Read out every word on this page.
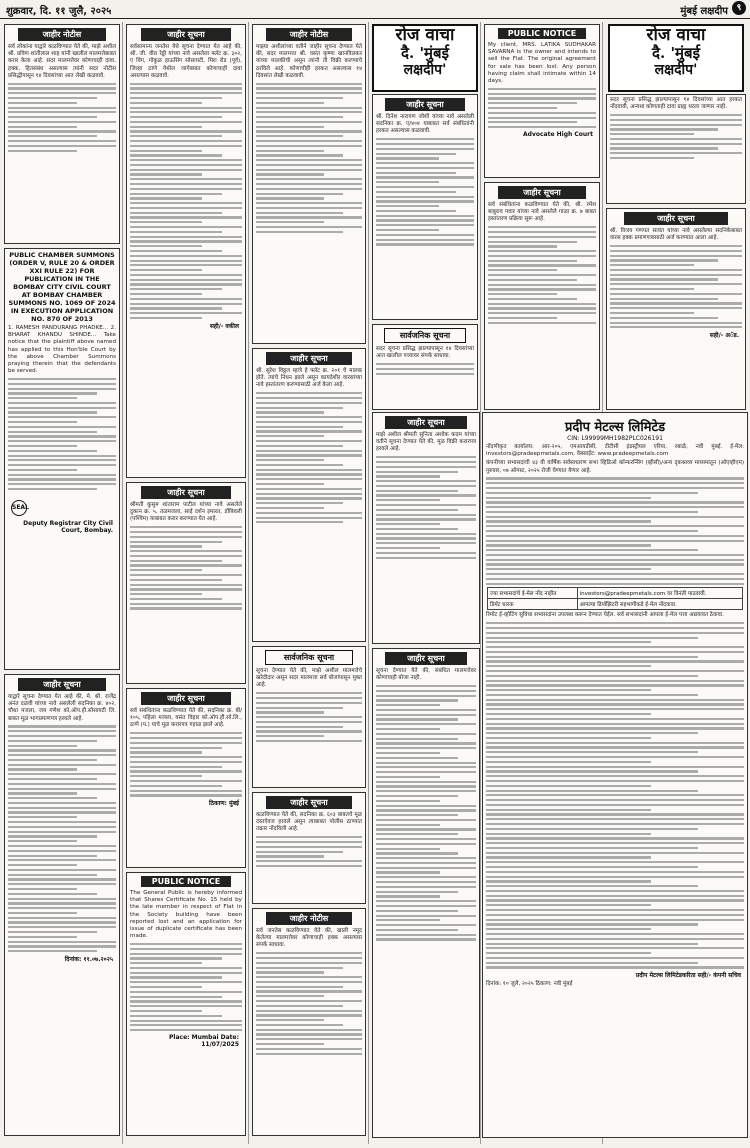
शुक्रवार, दि. ११ जुलै, २०२५	मुंबई लक्षदीप ९
जाहीर नोटीस
सर्व लोकांना याद्वारे कळविण्यात येते की, माझे अशील श्री. प्रविण शांतीलाल शाह यांनी खालील मालमत्तेबाबत करार केला आहे. सदर मालमत्तेवर कोणाचाही दावा, हक्क, हितसंबंध असल्यास त्यांनी सदर नोटीस प्रसिद्धीपासून १४ दिवसांच्या आत लेखी कळवावे.
PUBLIC CHAMBER SUMMONS (ORDER V, RULE 20 & ORDER XXI RULE 22) FOR PUBLICATION IN THE BOMBAY CITY CIVIL COURT AT BOMBAY CHAMBER SUMMONS NO. 1069 OF 2024 IN EXECUTION APPLICATION NO. 870 OF 2013
1. RAMESH PANDURANG PHADKE... 2. BHARAT KHANDU SHINDE... Take notice that the plaintiff above named has applied to this Hon'ble Court by the above Chamber Summons praying therein that the defendants be served.
SEAL
Deputy Registrar City Civil Court, Bombay.
जाहीर सूचना
याद्वारे सूचना देण्यात येत आहे की, मे. श्री. राजेंद्र अनंत दळवी यांच्या नावे असलेली सदनिका क्र. ४०२, चौथा मजला, जय गणेश को.ऑप.हौ.सोसायटी लि. बाबत मूळ भागप्रमाणपत्र हरवले आहे.
दिनांक: ११.०७.२०२५
जाहीर सूचना
सर्वसामान्य जनतेस येथे सूचना देण्यात येत आहे की, श्री. जी. वीरा रेड्डी यांच्या नावे असलेला फ्लॅट क्र. ३०२, ए विंग, गोकुळ हाऊसिंग सोसायटी, मिरा रोड (पूर्व), जिल्हा ठाणे येथील जागेबाबत कोणाचाही दावा असल्यास कळवावे.
सही/- वकील
जाहीर सूचना
श्रीमती कुसुम शांताराम पाटील यांच्या नावे असलेले दुकान क्र. ५, तळमजला, साई दर्शन इमारत, डोंबिवली (पश्चिम) याबाबत करार करण्यात येत आहे.
जाहीर सूचना
सर्व संबंधितांना कळविण्यात येते की, सदनिका क्र. बी/१०५, पहिला मजला, वसंत विहार को.ऑप.हौ.सो.लि., ठाणे (प.) याचे मूळ करारपत्र गहाळ झाले आहे.
ठिकाण: मुंबई
PUBLIC NOTICE
The General Public is hereby informed that Shares Certificate No. 15 held by the late member in respect of Flat in the Society building have been reported lost and an application for issue of duplicate certificate has been made.
Place: Mumbai Date: 11/07/2025
जाहीर नोटीस
माझ्या अशीलांच्या वतीने जाहीर सूचना देण्यात येते की, सदर मालमत्ता श्री. वसंत कृष्णा खानविलकर यांच्या मालकीची असून त्यांनी ती विक्री करण्याचे ठरविले आहे. कोणाचीही हरकत असल्यास १४ दिवसांत लेखी कळवावी.
जाहीर सूचना
श्री. सुरेश विठ्ठल म्हात्रे हे फ्लॅट क्र. २०१ चे मालक होते. त्यांचे निधन झाले असून कायदेशीर वारसांच्या नावे हस्तांतरण करण्यासाठी अर्ज केला आहे.
सार्वजनिक सूचना
सूचना देण्यात येते की, माझे अशील मालमत्तेचे खरेदीदार असून सदर मालमत्ता सर्व बोजांपासून मुक्त आहे.
जाहीर सूचना
कळविण्यात येते की, सदनिका क्र. ६०३ बाबतचे मूळ दस्तऐवज हरवले असून त्याबाबत पोलीस ठाण्यात तक्रार नोंदविली आहे.
जाहीर नोटीस
सर्व जनतेस कळविण्यात येते की, खाली नमूद केलेल्या मालमत्तेवर कोणाचाही हक्क असल्यास संपर्क साधावा.
रोज वाचा
दै. 'मुंबई
लक्षदीप'
जाहीर सूचना
श्री. दिनेश नारायण जोशी यांच्या नावे असलेली सदनिका क्र. ए/४०४ याबाबत सर्व संबंधितांनी हरकत असल्यास कळवावी.
सार्वजनिक सूचना
सदर सूचना प्रसिद्ध झाल्यापासून १४ दिवसांच्या आत खालील पत्त्यावर संपर्क साधावा.
PUBLIC NOTICE
My client, MRS. LATIKA SUDHAKAR SAVARNA is the owner and intends to sell the Flat. The original agreement for sale has been lost. Any person having claim shall intimate within 14 days.
Advocate High Court
जाहीर सूचना
सर्व संबंधितांना कळविण्यात येते की, श्री. रमेश बाबुराव पवार यांच्या नावे असलेले गाळा क्र. ७ बाबत हस्तांतरण प्रक्रिया सुरू आहे.
रोज वाचा
दै. 'मुंबई
लक्षदीप'
सदर सूचना प्रसिद्ध झाल्यापासून १४ दिवसांच्या आत हरकत नोंदवावी, अन्यथा कोणताही दावा ग्राह्य धरला जाणार नाही.
जाहीर सूचना
श्री. विजय गणपत सावंत यांच्या नावे असलेल्या सदनिकेबाबत वारस हक्क प्रमाणपत्रासाठी अर्ज करण्यात आला आहे.
सही/- अॅड.
जाहीर सूचना
माझे अशील श्रीमती सुनिता अशोक कदम यांच्या वतीने सूचना देण्यात येते की, मूळ विक्री करारपत्र हरवले आहे.
जाहीर सूचना
सूचना देण्यात येते की, संबंधित मालमत्तेवर कोणाचाही बोजा नाही.
प्रदीप मेटल्स लिमिटेड
CIN: L99999MH1982PLC026191
नोंदणीकृत कार्यालय: आर-२०५, एमआयडीसी, टीटीसी इंडस्ट्रीयल एरिया, रबाळे, नवी मुंबई. ई-मेल: investors@pradeepmetals.com, वेबसाईट: www.pradeepmetals.com
कंपनीच्या सभासदांची ४३ वी वार्षिक सर्वसाधारण सभा व्हिडिओ कॉन्फरन्सिंग (व्हीसी)/अन्य दृकश्राव्य माध्यमातून (ओएव्हीएम) गुरुवार, ०७ ऑगस्ट, २०२५ रोजी घेण्यात येणार आहे.
ज्या सभासदांचे ई-मेल नोंद नाहीत	investors@pradeepmetals.com वर विनंती पाठवावी.
डिमॅट धारक	आपल्या डिपॉझिटरी सहभागीकडे ई-मेल नोंदवावा.
रिमोट ई-व्होटिंग सुविधा सभासदांना उपलब्ध करून देण्यात येईल. सर्व सभासदांनी आपला ई-मेल पत्ता अद्ययावत ठेवावा.
प्रदीप मेटल्स लिमिटेडकरिता सही/- कंपनी सचिव
दिनांक: १० जुलै, २०२५ ठिकाण: नवी मुंबई
